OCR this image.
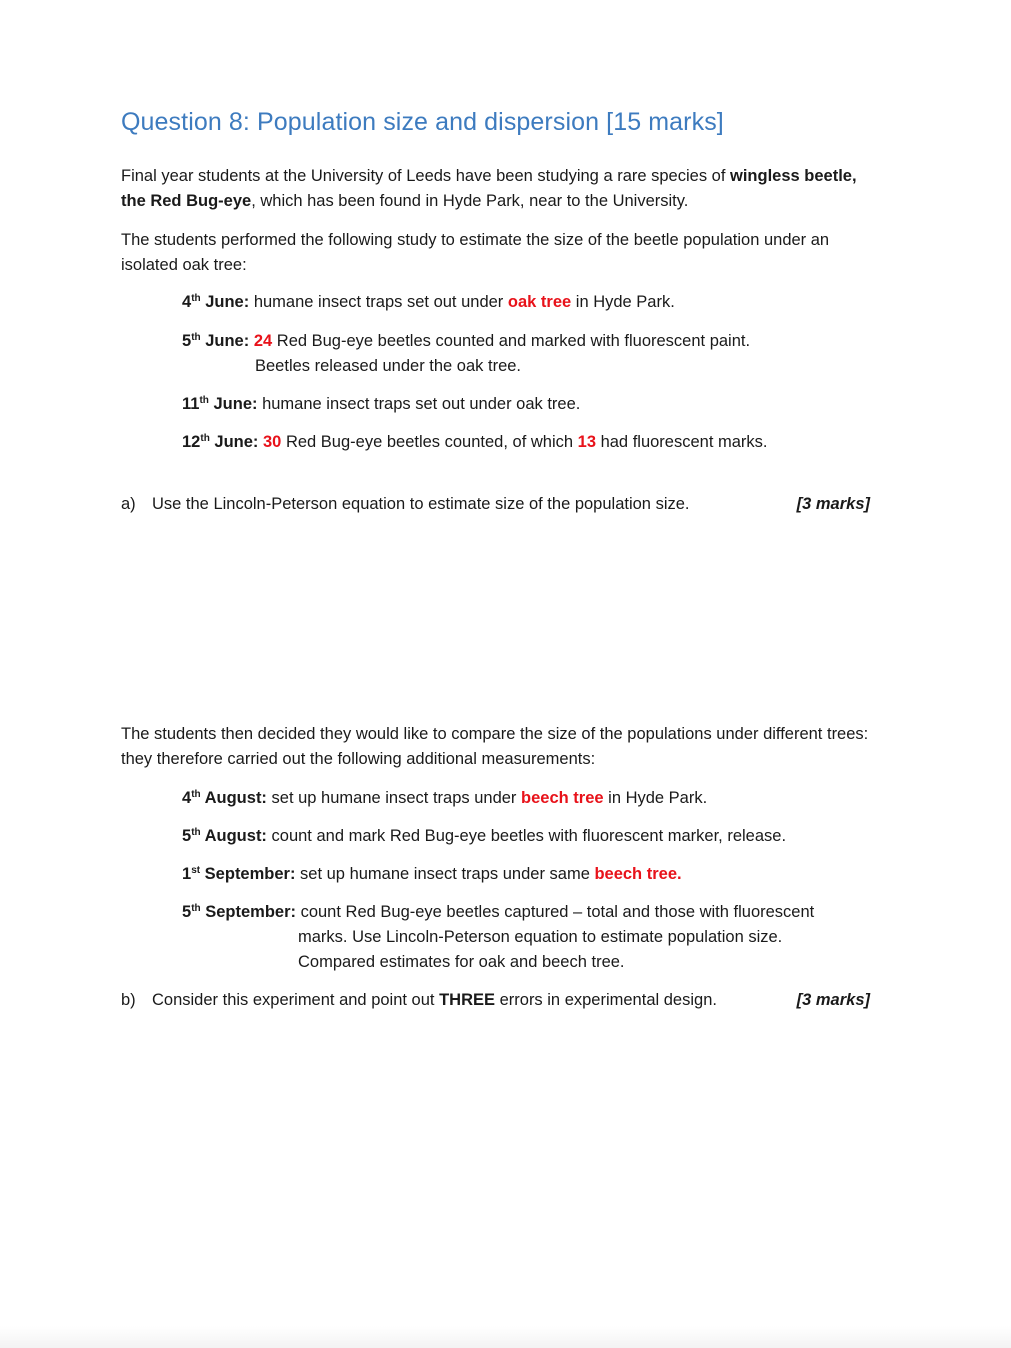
Question 8: Population size and dispersion [15 marks]

Final year students at the University of Leeds have been studying a rare species of wingless beetle,
the Red Bug-eye, which has been found in Hyde Park, near to the University.

The students performed the following study to estimate the size of the beetle population under an isolated oak tree:

4th June: humane insect traps set out under oak tree in Hyde Park.

5th June: 24 Red Bug-eye beetles counted and marked with fluorescent paint.
Beetles released under the oak tree.

11th June: humane insect traps set out under oak tree.

12th June: 30 Red Bug-eye beetles counted, of which 13 had fluorescent marks.

a) Use the Lincoln-Peterson equation to estimate size of the population size.	[3 marks]

The students then decided they would like to compare the size of the populations under different trees: they therefore carried out the following additional measurements:

4th August: set up humane insect traps under beech tree in Hyde Park.

5th August: count and mark Red Bug-eye beetles with fluorescent marker, release.

1st September: set up humane insect traps under same beech tree.

5th September: count Red Bug-eye beetles captured – total and those with fluorescent
marks. Use Lincoln-Peterson equation to estimate population size.
Compared estimates for oak and beech tree.

b) Consider this experiment and point out THREE errors in experimental design.	[3 marks]
